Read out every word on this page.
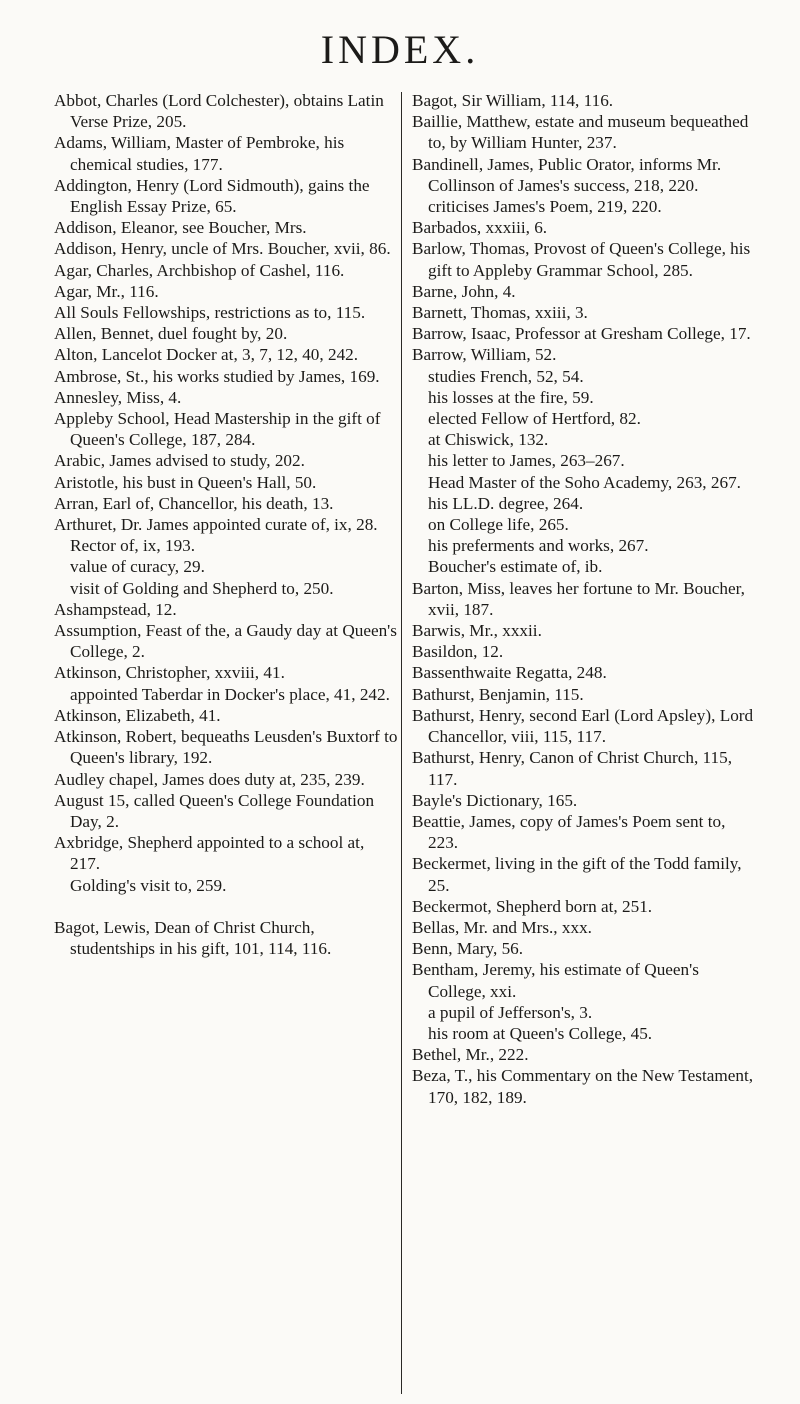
INDEX.

Abbot, Charles (Lord Colchester), obtains Latin Verse Prize, 205.

Adams, William, Master of Pembroke, his chemical studies, 177.

Addington, Henry (Lord Sidmouth), gains the English Essay Prize, 65.

Addison, Eleanor, see Boucher, Mrs.

Addison, Henry, uncle of Mrs. Boucher, xvii, 86.

Agar, Charles, Archbishop of Cashel, 116.

Agar, Mr., 116.

All Souls Fellowships, restrictions as to, 115.

Allen, Bennet, duel fought by, 20.

Alton, Lancelot Docker at, 3, 7, 12, 40, 242.

Ambrose, St., his works studied by James, 169.

Annesley, Miss, 4.

Appleby School, Head Mastership in the gift of Queen's College, 187, 284.

Arabic, James advised to study, 202.

Aristotle, his bust in Queen's Hall, 50.

Arran, Earl of, Chancellor, his death, 13.

Arthuret, Dr. James appointed curate of, ix, 28.

Rector of, ix, 193.

value of curacy, 29.

visit of Golding and Shepherd to, 250.

Ashampstead, 12.

Assumption, Feast of the, a Gaudy day at Queen's College, 2.

Atkinson, Christopher, xxviii, 41.

appointed Taberdar in Docker's place, 41, 242.

Atkinson, Elizabeth, 41.

Atkinson, Robert, bequeaths Leusden's Buxtorf to Queen's library, 192.

Audley chapel, James does duty at, 235, 239.

August 15, called Queen's College Foundation Day, 2.

Axbridge, Shepherd appointed to a school at, 217.

Golding's visit to, 259.

Bagot, Lewis, Dean of Christ Church, studentships in his gift, 101, 114, 116.

Bagot, Sir William, 114, 116.

Baillie, Matthew, estate and museum bequeathed to, by William Hunter, 237.

Bandinell, James, Public Orator, informs Mr. Collinson of James's success, 218, 220.

criticises James's Poem, 219, 220.

Barbados, xxxiii, 6.

Barlow, Thomas, Provost of Queen's College, his gift to Appleby Grammar School, 285.

Barne, John, 4.

Barnett, Thomas, xxiii, 3.

Barrow, Isaac, Professor at Gresham College, 17.

Barrow, William, 52.

studies French, 52, 54.

his losses at the fire, 59.

elected Fellow of Hertford, 82.

at Chiswick, 132.

his letter to James, 263–267.

Head Master of the Soho Academy, 263, 267.

his LL.D. degree, 264.

on College life, 265.

his preferments and works, 267.

Boucher's estimate of, ib.

Barton, Miss, leaves her fortune to Mr. Boucher, xvii, 187.

Barwis, Mr., xxxii.

Basildon, 12.

Bassenthwaite Regatta, 248.

Bathurst, Benjamin, 115.

Bathurst, Henry, second Earl (Lord Apsley), Lord Chancellor, viii, 115, 117.

Bathurst, Henry, Canon of Christ Church, 115, 117.

Bayle's Dictionary, 165.

Beattie, James, copy of James's Poem sent to, 223.

Beckermet, living in the gift of the Todd family, 25.

Beckermot, Shepherd born at, 251.

Bellas, Mr. and Mrs., xxx.

Benn, Mary, 56.

Bentham, Jeremy, his estimate of Queen's College, xxi.

a pupil of Jefferson's, 3.

his room at Queen's College, 45.

Bethel, Mr., 222.

Beza, T., his Commentary on the New Testament, 170, 182, 189.
